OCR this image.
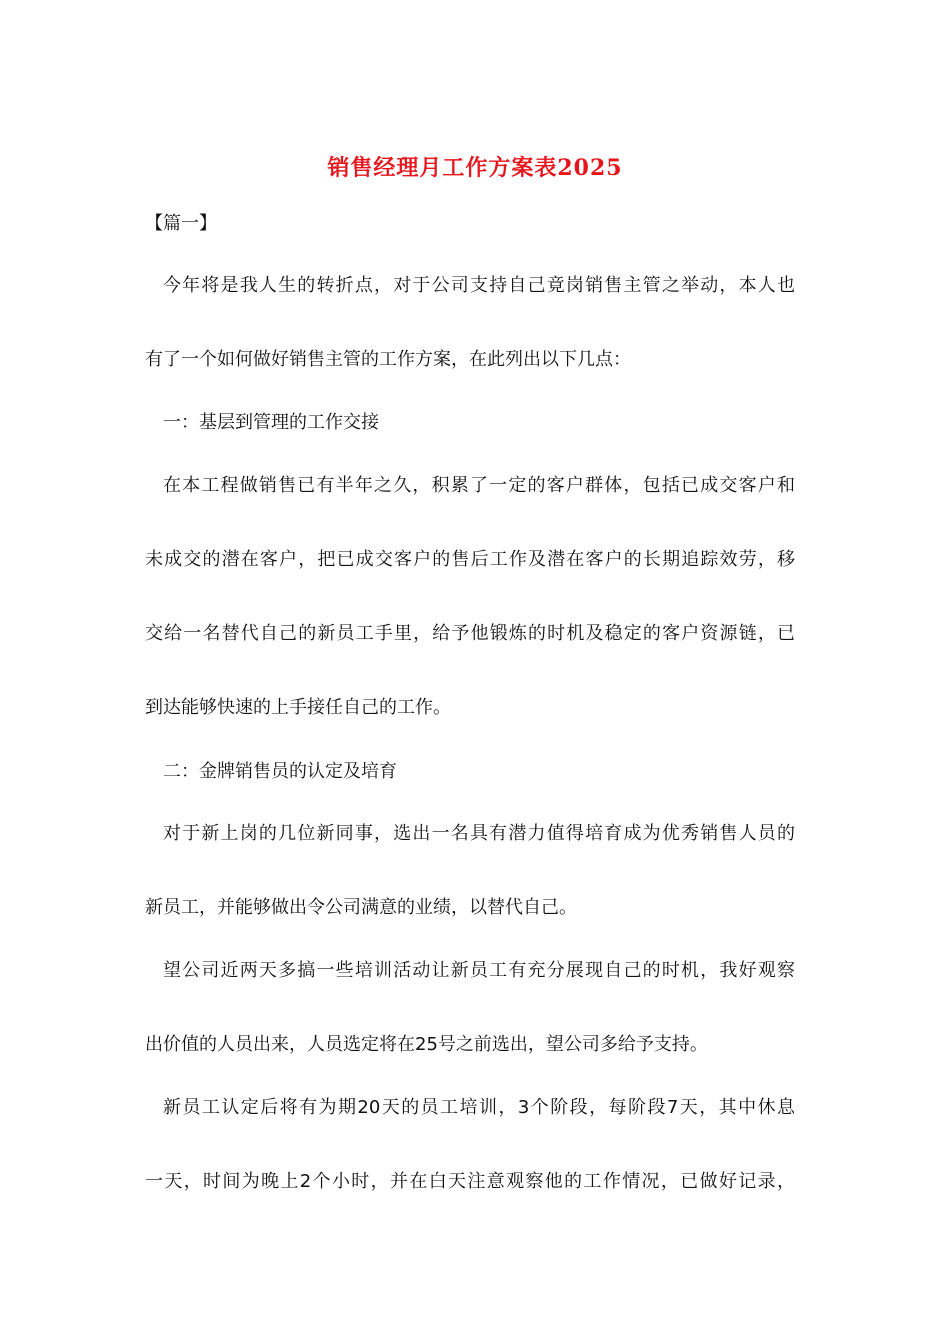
销售经理月工作方案表2025
【篇一】
今年将是我人生的转折点，对于公司支持自己竟岗销售主管之举动，本人也
有了一个如何做好销售主管的工作方案，在此列出以下几点：
一：基层到管理的工作交接
在本工程做销售已有半年之久，积累了一定的客户群体，包括已成交客户和
未成交的潜在客户，把已成交客户的售后工作及潜在客户的长期追踪效劳，移
交给一名替代自己的新员工手里，给予他锻炼的时机及稳定的客户资源链，已
到达能够快速的上手接任自己的工作。
二：金牌销售员的认定及培育
对于新上岗的几位新同事，选出一名具有潜力值得培育成为优秀销售人员的
新员工，并能够做出令公司满意的业绩，以替代自己。
望公司近两天多搞一些培训活动让新员工有充分展现自己的时机，我好观察
出价值的人员出来，人员选定将在25号之前选出，望公司多给予支持。
新员工认定后将有为期20天的员工培训，3个阶段，每阶段7天，其中休息
一天，时间为晚上2个小时，并在白天注意观察他的工作情况，已做好记录，
